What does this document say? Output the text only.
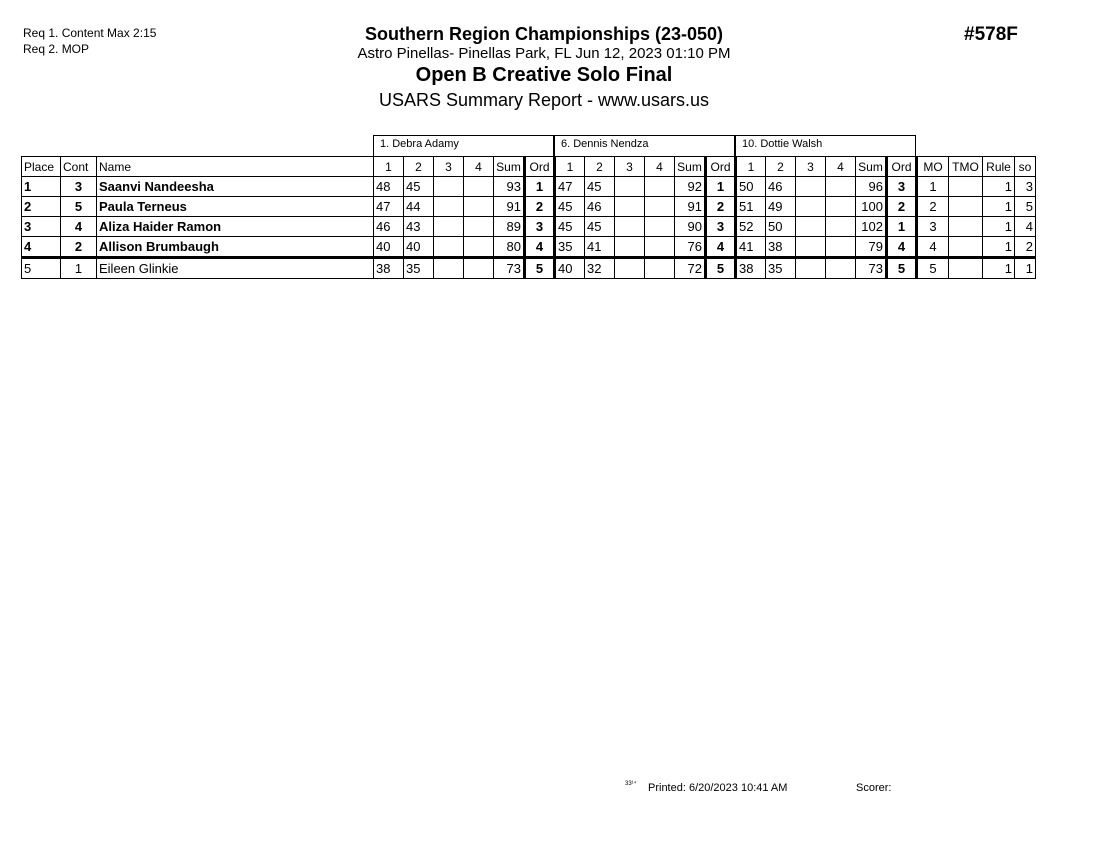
Req 1. Content Max 2:15
Req 2. MOP
Southern Region Championships (23-050)
Astro Pinellas- Pinellas Park, FL Jun 12, 2023 01:10 PM
Open B Creative Solo Final
USARS Summary Report - www.usars.us
#578F
1. Debra Adamy	6. Dennis Nendza	10. Dottie Walsh
Place	Cont	Name	1	2	3	4	Sum	Ord	1	2	3	4	Sum	Ord	1	2	3	4	Sum	Ord	MO	TMO	Rule	so
1	3	Saanvi Nandeesha	48	45			93	1	47	45			92	1	50	46			96	3	1		1	3
2	5	Paula Terneus	47	44			91	2	45	46			91	2	51	49			100	2	2		1	5
3	4	Aliza Haider Ramon	46	43			89	3	45	45			90	3	52	50			102	1	3		1	4
4	2	Allison Brumbaugh	40	40			80	4	35	41			76	4	41	38			79	4	4		1	2
5	1	Eileen Glinkie	38	35			73	5	40	32			72	5	38	35			73	5	5		1	1
33¹⁴ Printed: 6/20/2023 10:41 AM	Scorer:
